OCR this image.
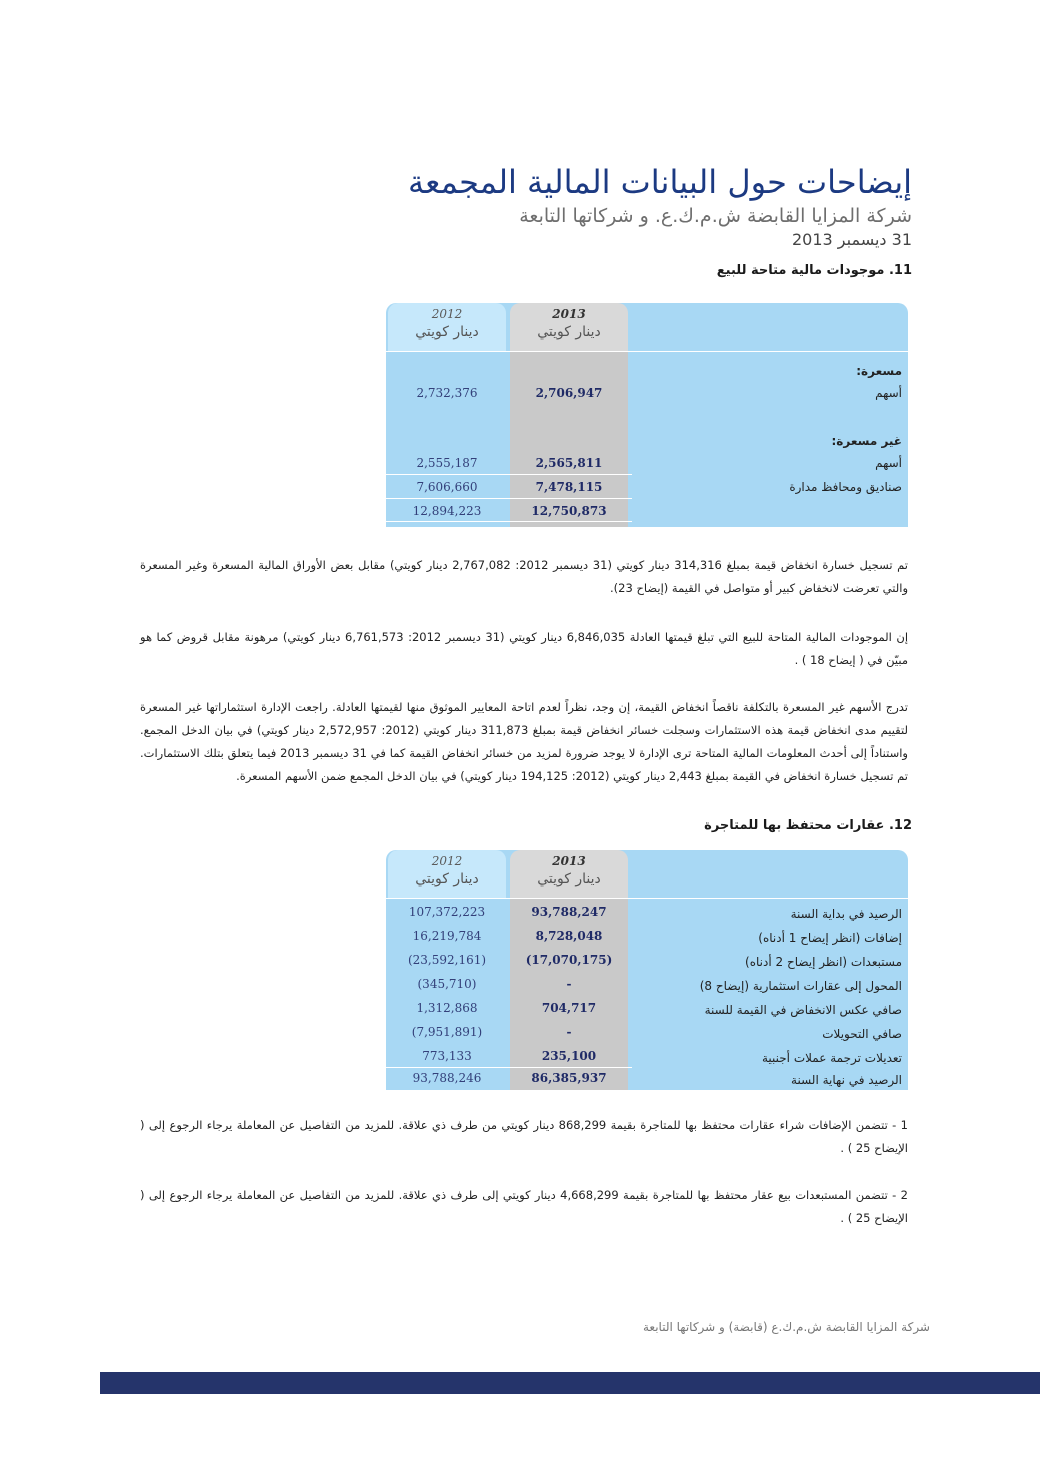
إيضاحات حول البيانات المالية المجمعة
شركة المزايا القابضة ش.م.ك.ع. و شركاتها التابعة
31 ديسمبر 2013
11. موجودات مالية متاحة للبيع
2012
دينار كويتي
2013
دينار كويتي
مسعرة:
أسهم
2,706,947
2,732,376
غير مسعرة:
أسهم
2,565,811
2,555,187
صناديق ومحافظ مدارة
7,478,115
7,606,660
12,750,873
12,894,223
تم تسجيل خسارة انخفاض قيمة بمبلغ 314,316 دينار كويتي (31 ديسمبر 2012: 2,767,082 دينار كويتي) مقابل بعض الأوراق المالية المسعرة وغير المسعرة والتي تعرضت لانخفاض كبير أو متواصل في القيمة (إيضاح 23).
إن الموجودات المالية المتاحة للبيع التي تبلغ قيمتها العادلة 6,846,035 دينار كويتي (31 ديسمبر 2012: 6,761,573 دينار كويتي) مرهونة مقابل قروض كما هو مبيّن في ( إيضاح 18 ) .
تدرج الأسهم غير المسعرة بالتكلفة ناقصاً انخفاض القيمة، إن وجد، نظراً لعدم اتاحة المعايير الموثوق منها لقيمتها العادلة. راجعت الإدارة استثماراتها غير المسعرة لتقييم مدى انخفاض قيمة هذه الاستثمارات وسجلت خسائر انخفاض قيمة بمبلغ 311,873 دينار كويتي (2012: 2,572,957 دينار كويتي) في بيان الدخل المجمع. واستناداً إلى أحدث المعلومات المالية المتاحة ترى الإدارة لا يوجد ضرورة لمزيد من خسائر انخفاض القيمة كما في 31 ديسمبر 2013 فيما يتعلق بتلك الاستثمارات. تم تسجيل خسارة انخفاض في القيمة بمبلغ 2,443 دينار كويتي (2012: 194,125 دينار كويتي) في بيان الدخل المجمع ضمن الأسهم المسعرة.
12. عقارات محتفظ بها للمتاجرة
2012
دينار كويتي
2013
دينار كويتي
الرصيد في بداية السنة
93,788,247
107,372,223
إضافات (انظر إيضاح 1 أدناه)
8,728,048
16,219,784
مستبعدات (انظر إيضاح 2 أدناه)
(17,070,175)
(23,592,161)
المحول إلى عقارات استثمارية (إيضاح 8)
-
(345,710)
صافي عكس الانخفاض في القيمة للسنة
704,717
1,312,868
صافي التحويلات
-
(7,951,891)
تعديلات ترجمة عملات أجنبية
235,100
773,133
الرصيد في نهاية السنة
86,385,937
93,788,246
1 - تتضمن الإضافات شراء عقارات محتفظ بها للمتاجرة بقيمة 868,299 دينار كويتي من طرف ذي علاقة. للمزيد من التفاصيل عن المعاملة يرجاء الرجوع إلى ( الإيضاح 25 ) .
2 - تتضمن المستبعدات بيع عقار محتفظ بها للمتاجرة بقيمة 4,668,299 دينار كويتي إلى طرف ذي علاقة. للمزيد من التفاصيل عن المعاملة يرجاء الرجوع إلى ( الإيضاح 25 ) .
شركة المزايا القابضة ش.م.ك.ع (قابضة) و شركاتها التابعة
